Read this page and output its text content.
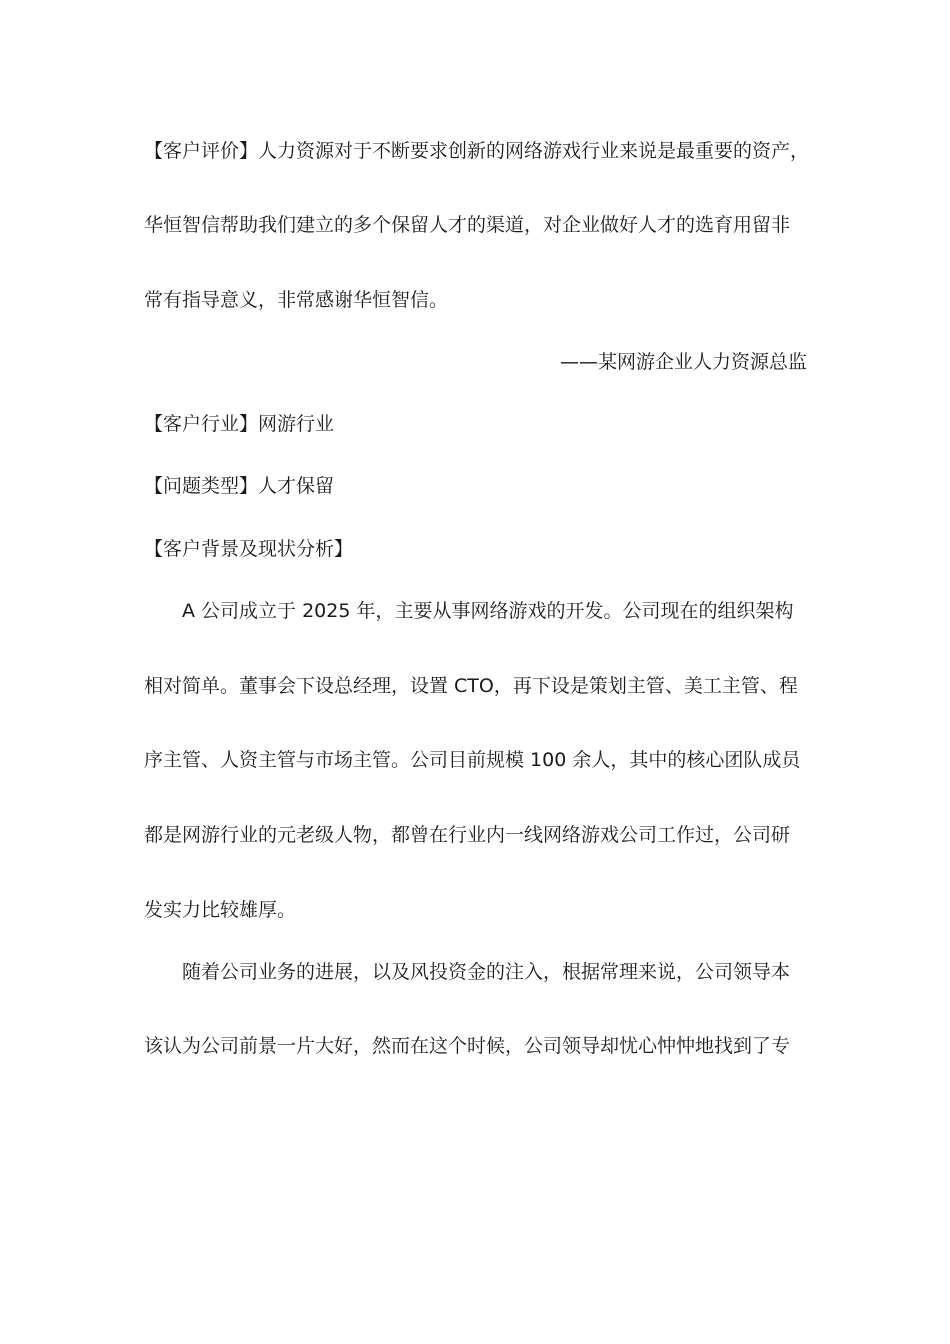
【客户评价】人力资源对于不断要求创新的网络游戏行业来说是最重要的资产，
华恒智信帮助我们建立的多个保留人才的渠道，对企业做好人才的选育用留非
常有指导意义，非常感谢华恒智信。
——某网游企业人力资源总监
【客户行业】网游行业
【问题类型】人才保留
【客户背景及现状分析】
A 公司成立于 2025 年，主要从事网络游戏的开发。公司现在的组织架构
相对简单。董事会下设总经理，设置 CTO，再下设是策划主管、美工主管、程
序主管、人资主管与市场主管。公司目前规模 100 余人，其中的核心团队成员
都是网游行业的元老级人物，都曾在行业内一线网络游戏公司工作过，公司研
发实力比较雄厚。
随着公司业务的进展，以及风投资金的注入，根据常理来说，公司领导本
该认为公司前景一片大好，然而在这个时候，公司领导却忧心忡忡地找到了专
